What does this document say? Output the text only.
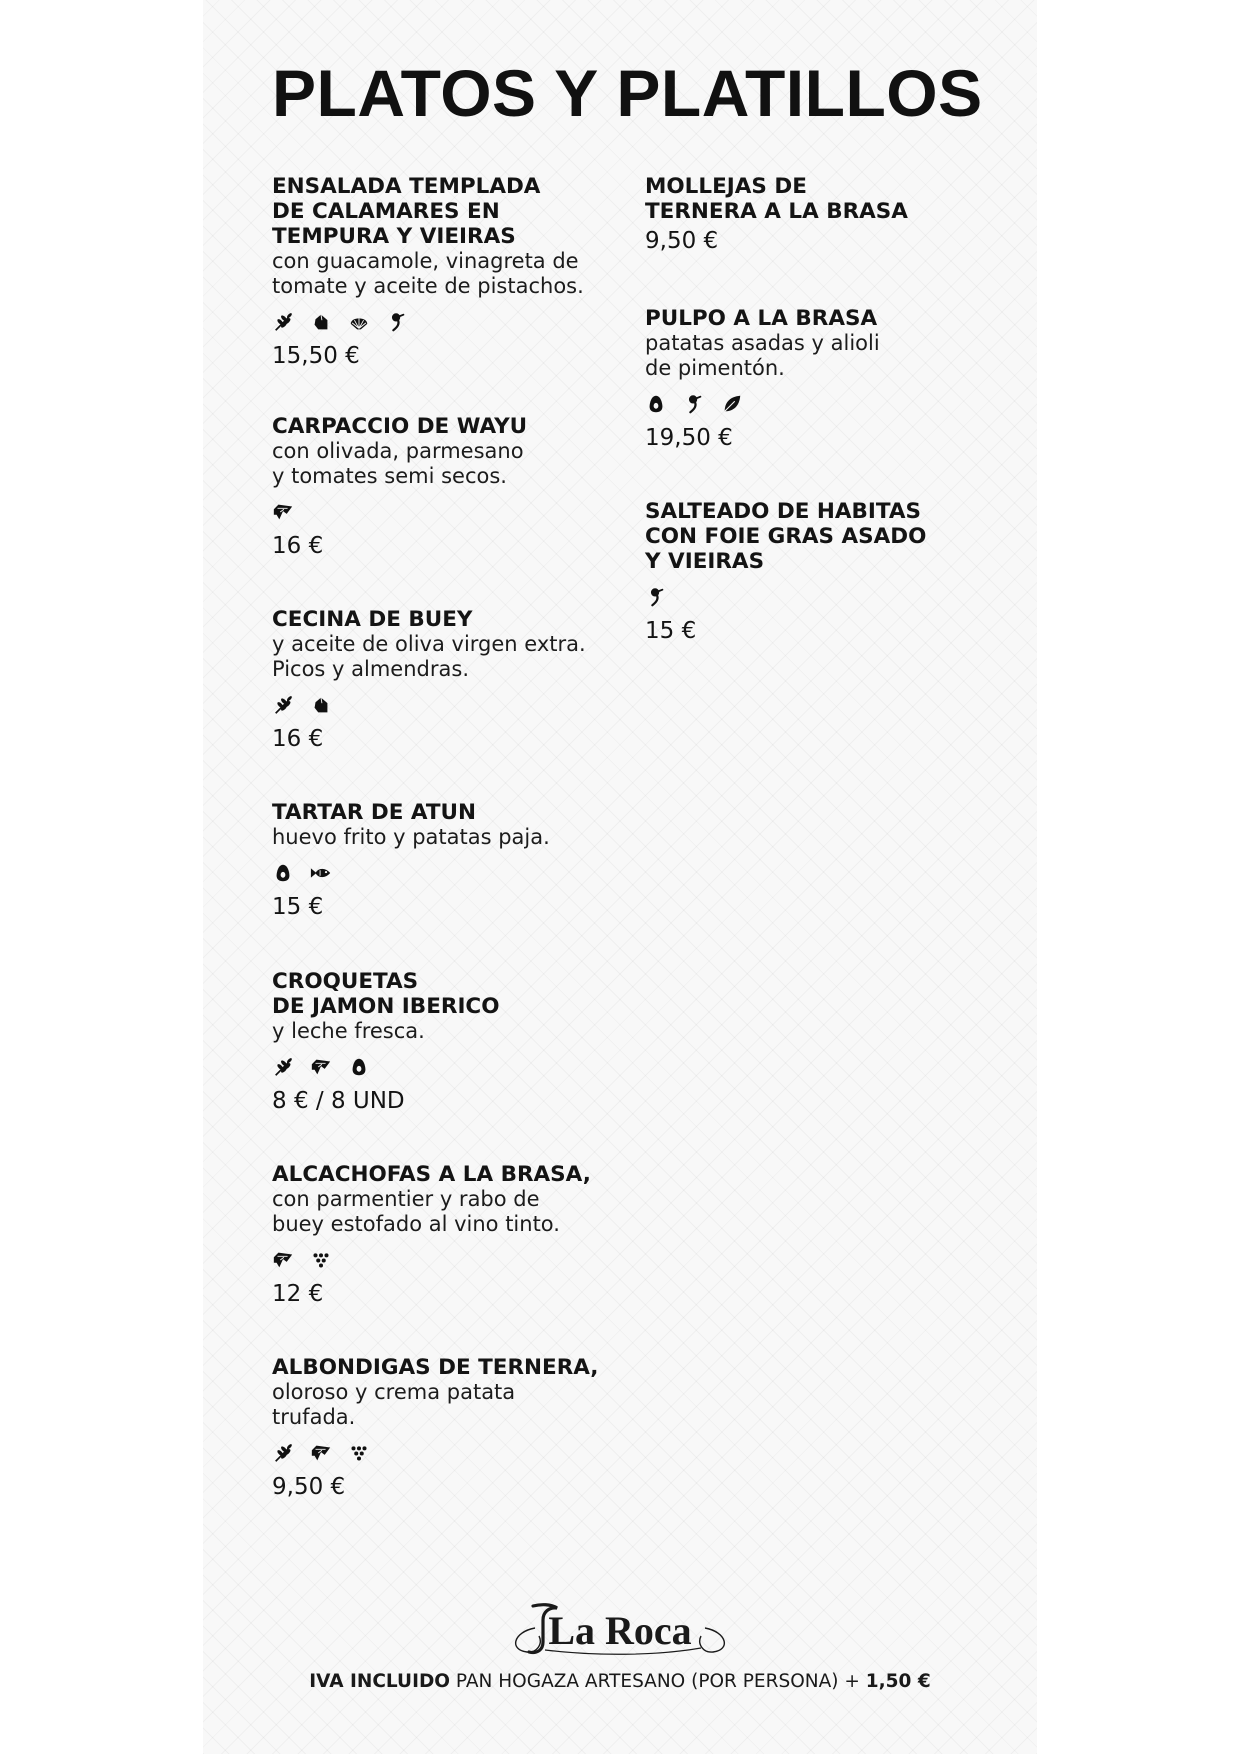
PLATOS Y PLATILLOS
ENSALADA TEMPLADA
DE CALAMARES EN
TEMPURA Y VIEIRAS
con guacamole, vinagreta de
tomate y aceite de pistachos.
15,50 €
CARPACCIO DE WAYU
con olivada, parmesano
y tomates semi secos.
16 €
CECINA DE BUEY
y aceite de oliva virgen extra.
Picos y almendras.
16 €
TARTAR DE ATUN
huevo frito y patatas paja.
15 €
CROQUETAS
DE JAMON IBERICO
y leche fresca.
8 € / 8 UND
ALCACHOFAS A LA BRASA,
con parmentier y rabo de
buey estofado al vino tinto.
12 €
ALBONDIGAS DE TERNERA,
oloroso y crema patata
trufada.
9,50 €
MOLLEJAS DE
TERNERA A LA BRASA
9,50 €
PULPO A LA BRASA
patatas asadas y alioli
de pimentón.
19,50 €
SALTEADO DE HABITAS
CON FOIE GRAS ASADO
Y VIEIRAS
15 €
La Roca
IVA INCLUIDO PAN HOGAZA ARTESANO (POR PERSONA) + 1,50 €
